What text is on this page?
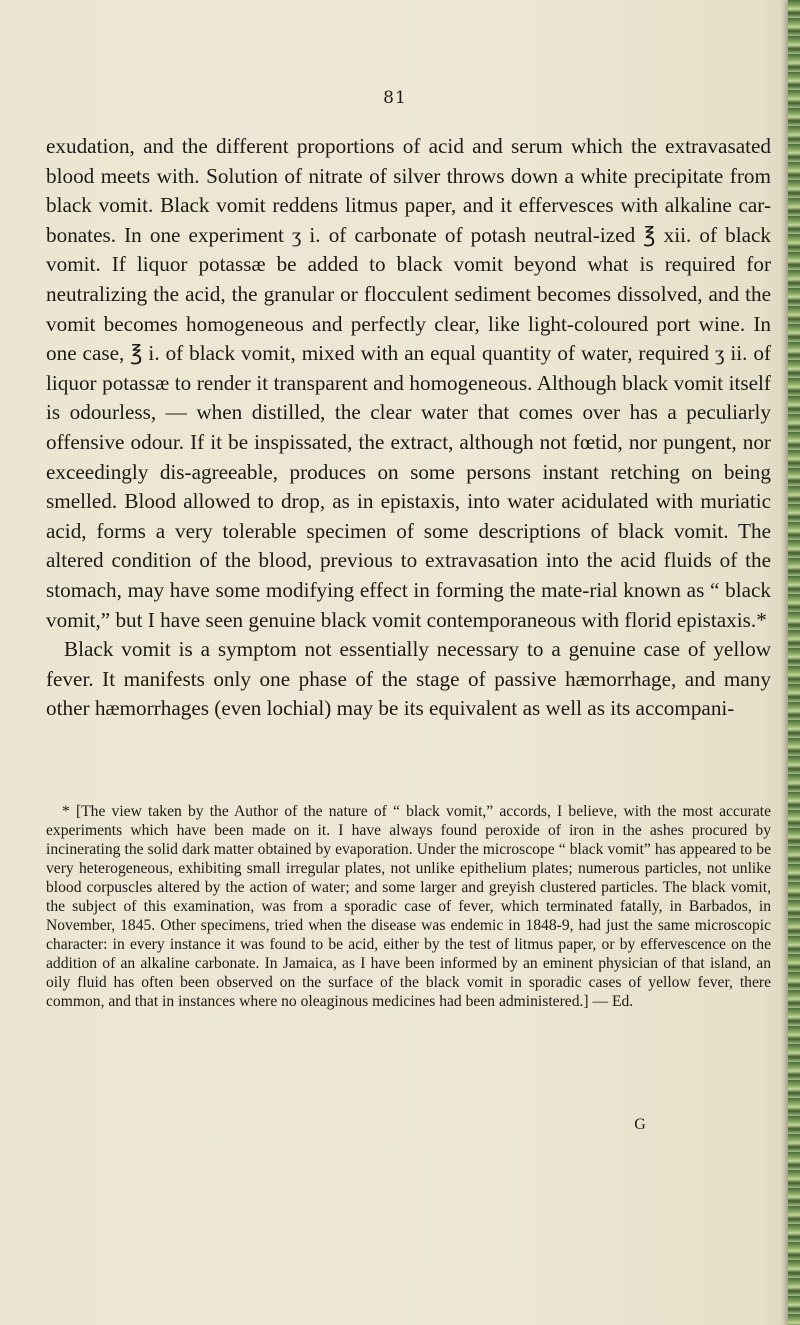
81

exudation, and the different proportions of acid and serum which the extravasated blood meets with. Solution of nitrate of silver throws down a white precipitate from black vomit. Black vomit reddens litmus paper, and it effervesces with alkaline car-bonates. In one experiment ʒ i. of carbonate of potash neutral-ized ℥ xii. of black vomit. If liquor potassæ be added to black vomit beyond what is required for neutralizing the acid, the granular or flocculent sediment becomes dissolved, and the vomit becomes homogeneous and perfectly clear, like light-coloured port wine. In one case, ℥ i. of black vomit, mixed with an equal quantity of water, required ʒ ii. of liquor potassæ to render it transparent and homogeneous. Although black vomit itself is odourless, — when distilled, the clear water that comes over has a peculiarly offensive odour. If it be inspissated, the extract, although not fœtid, nor pungent, nor exceedingly dis-agreeable, produces on some persons instant retching on being smelled. Blood allowed to drop, as in epistaxis, into water acidulated with muriatic acid, forms a very tolerable specimen of some descriptions of black vomit. The altered condition of the blood, previous to extravasation into the acid fluids of the stomach, may have some modifying effect in forming the mate-rial known as “ black vomit,” but I have seen genuine black vomit contemporaneous with florid epistaxis.*

Black vomit is a symptom not essentially necessary to a genuine case of yellow fever. It manifests only one phase of the stage of passive hæmorrhage, and many other hæmorrhages (even lochial) may be its equivalent as well as its accompani-

* [The view taken by the Author of the nature of “ black vomit,” accords, I believe, with the most accurate experiments which have been made on it. I have always found peroxide of iron in the ashes procured by incinerating the solid dark matter obtained by evaporation. Under the microscope “ black vomit” has appeared to be very heterogeneous, exhibiting small irregular plates, not unlike epithelium plates; numerous particles, not unlike blood corpuscles altered by the action of water; and some larger and greyish clustered particles. The black vomit, the subject of this examination, was from a sporadic case of fever, which terminated fatally, in Barbados, in November, 1845. Other specimens, tried when the disease was endemic in 1848-9, had just the same microscopic character: in every instance it was found to be acid, either by the test of litmus paper, or by effervescence on the addition of an alkaline carbonate. In Jamaica, as I have been informed by an eminent physician of that island, an oily fluid has often been observed on the surface of the black vomit in sporadic cases of yellow fever, there common, and that in instances where no oleaginous medicines had been administered.] — Ed.

G
